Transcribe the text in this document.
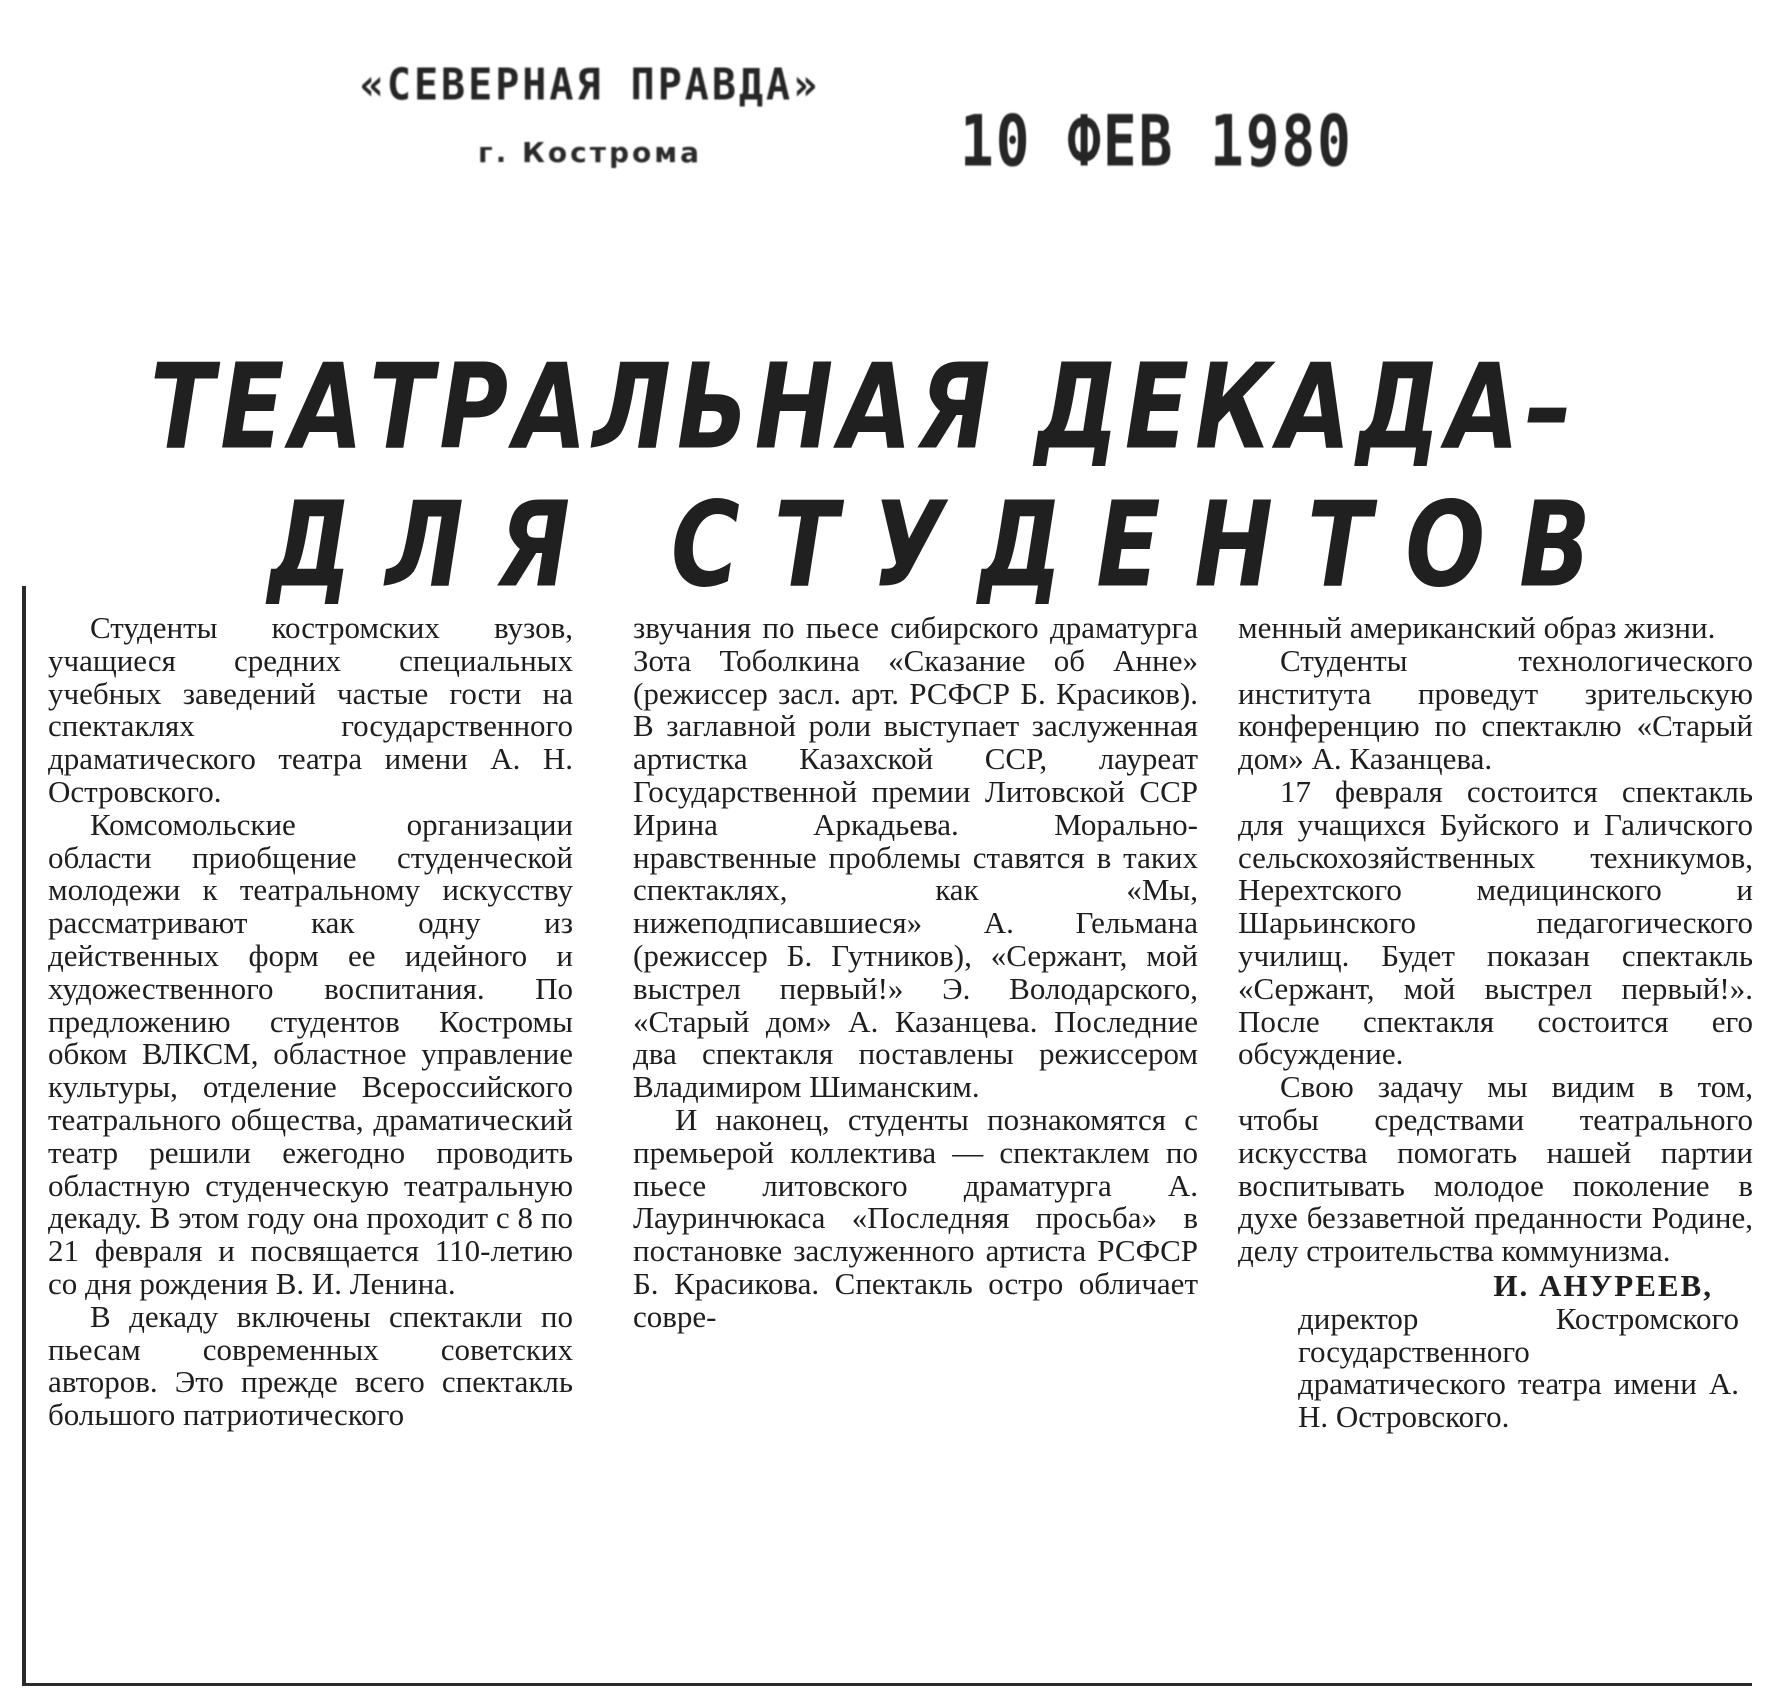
«СЕВЕРНАЯ ПРАВДА»
г. Кострома	10 ФЕВ 1980
ТЕАТРАЛЬНАЯ ДЕКАДА–
ДЛЯ СТУДЕНТОВ

Студенты костромских вузов, учащиеся средних специальных учебных заведений частые гости на спектаклях государственного драматического театра имени А. Н. Островского.

Комсомольские организации области приобщение студенческой молодежи к театральному искусству рассматривают как одну из действенных форм ее идейного и художественного воспитания. По предложению студентов Костромы обком ВЛКСМ, областное управление культуры, отделение Всероссийского театрального общества, драматический театр решили ежегодно проводить областную студенческую театральную декаду. В этом году она проходит с 8 по 21 февраля и посвящается 110-летию со дня рождения В. И. Ленина.

В декаду включены спектакли по пьесам современных советских авторов. Это прежде всего спектакль большого патриотического

звучания по пьесе сибирского драматурга Зота Тоболкина «Сказание об Анне» (режиссер засл. арт. РСФСР Б. Красиков). В заглавной роли выступает заслуженная артистка Казахской ССР, лауреат Государственной премии Литовской ССР Ирина Аркадьева. Морально-нравственные проблемы ставятся в таких спектаклях, как «Мы, нижеподписавшиеся» А. Гельмана (режиссер Б. Гутников), «Сержант, мой выстрел первый!» Э. Володарского, «Старый дом» А. Казанцева. Последние два спектакля поставлены режиссером Владимиром Шиманским.

И наконец, студенты познакомятся с премьерой коллектива — спектаклем по пьесе литовского драматурга А. Лауринчюкаса «Последняя просьба» в постановке заслуженного артиста РСФСР Б. Красикова. Спектакль остро обличает совре-

менный американский образ жизни.

Студенты технологического института проведут зрительскую конференцию по спектаклю «Старый дом» А. Казанцева.

17 февраля состоится спектакль для учащихся Буйского и Галичского сельскохозяйственных техникумов, Нерехтского медицинского и Шарьинского педагогического училищ. Будет показан спектакль «Сержант, мой выстрел первый!». После спектакля состоится его обсуждение.

Свою задачу мы видим в том, чтобы средствами театрального искусства помогать нашей партии воспитывать молодое поколение в духе беззаветной преданности Родине, делу строительства коммунизма.

И. АНУРЕЕВ,
директор Костромского государственного драматического театра имени А. Н. Островского.
